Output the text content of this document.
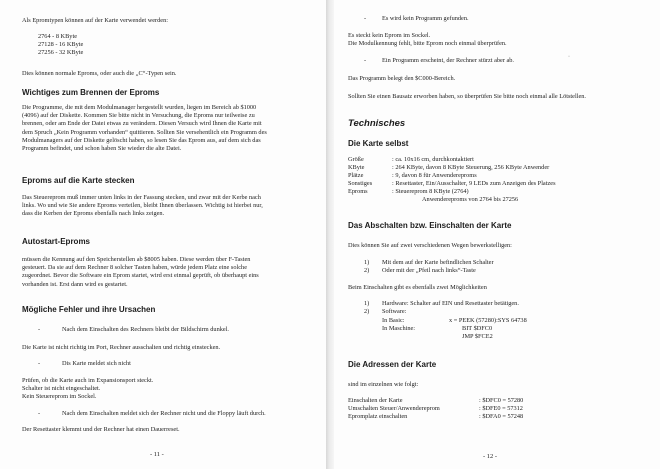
Als Epromtypen können auf der Karte verwendet werden:

2764 - 8 KByte

27128 - 16 KByte

27256 - 32 KByte

Dies können normale Eproms, oder auch die „C“-Typen sein.

Wichtiges zum Brennen der Eproms

Die Programme, die mit dem Modulmanager hergestellt wurden, liegen im Bereich ab $1000

(4096) auf der Diskette. Kommen Sie bitte nicht in Versuchung, die Eproms nur teilweise zu

brennen, oder am Ende der Datei etwas zu verändern. Diesen Versuch wird Ihnen die Karte mit

dem Spruch „Kein Programm vorhanden“ quittieren. Sollten Sie versehentlich ein Programm des

Modulmanagers auf der Diskette gelöscht haben, so lesen Sie das Eprom aus, auf dem sich das

Programm befindet, und schon haben Sie wieder die alte Datei.

Eproms auf die Karte stecken

Das Steuereprom muß immer unten links in der Fassung stecken, und zwar mit der Kerbe nach

links. Wo und wie Sie andere Eproms verteilen, bleibt Ihnen überlassen. Wichtig ist hierbei nur,

dass die Kerben der Eproms ebenfalls nach links zeigen.

Autostart-Eproms

müssen die Kennung auf den Speicherstellen ab $8005 haben. Diese werden über F-Tasten

gesteuert. Da sie auf dem Rechner 8 solcher Tasten haben, würde jedem Platz eine solche

zugeordnet. Bevor die Software ein Eprom startet, wird erst einmal geprüft, ob überhaupt eins

vorhanden ist. Erst dann wird es gestartet.

Mögliche Fehler und ihre Ursachen

-	Nach dem Einschalten des Rechners bleibt der Bildschirm dunkel.

Die Karte ist nicht richtig im Port, Rechner ausschalten und richtig einstecken.

-	Dis Karte meldet sich nicht

Prüfen, ob die Karte auch im Expansionsport steckt.

Schalter ist nicht eingeschaltet.

Kein Steuereprom im Sockel.

-	Nach dem Einschalten meldet sich der Rechner nicht und die Floppy läuft durch.

Der Resettaster klemmt und der Rechner hat einen Dauerreset.

- 11 -

-	Es wird kein Programm gefunden.

Es steckt kein Eprom im Sockel.

Die Modulkennung fehlt, bitte Eprom noch einmal überprüfen.

-	Ein Programm erscheint, der Rechner stürzt aber ab.	·

Das Programm belegt den $C000-Bereich.

Sollten Sie einen Bausatz erworben haben, so überprüfen Sie bitte noch einmal alle Lötstellen.

Technisches

Die Karte selbst

Größe	: ca. 10x16 cm, durchkontaktiert
KByte	: 264 KByte, davon 8 KByte Steuerung, 256 KByte Anwender
Plätze	: 9, davon 8 für Anwendereproms
Sonstiges	: Resettaster, Ein/Ausschalter, 9 LEDs zum Anzeigen des Platzes
Eproms	: Steuereprom 8 KByte (2764)
	Anwendereproms von 2764 bis 27256

Das Abschalten bzw. Einschalten der Karte

Dies können Sie auf zwei verschiedenen Wegen bewerkstelligen:

1) Mit dem auf der Karte befindlichen Schalter

2) Oder mit der „Pfeil nach links“-Taste

Beim Einschalten gibt es ebenfalls zwei Möglichkeiten

1) Hardware: Schalter auf EIN und Resettaster betätigen.

2) Software:

In Basic:	x = PEEK (57280):SYS 64738

In Maschine:	BIT $DFC0

JMP $FCE2

Die Adressen der Karte

sind im einzelnen wie folgt:

Einschalten der Karte	: $DFC0 = 57280
Umschalten Steuer/Anwendereprom	: $DFE0 = 57312
Epromplatz einschalten	: $DFA0 = 57248

- 12 -
